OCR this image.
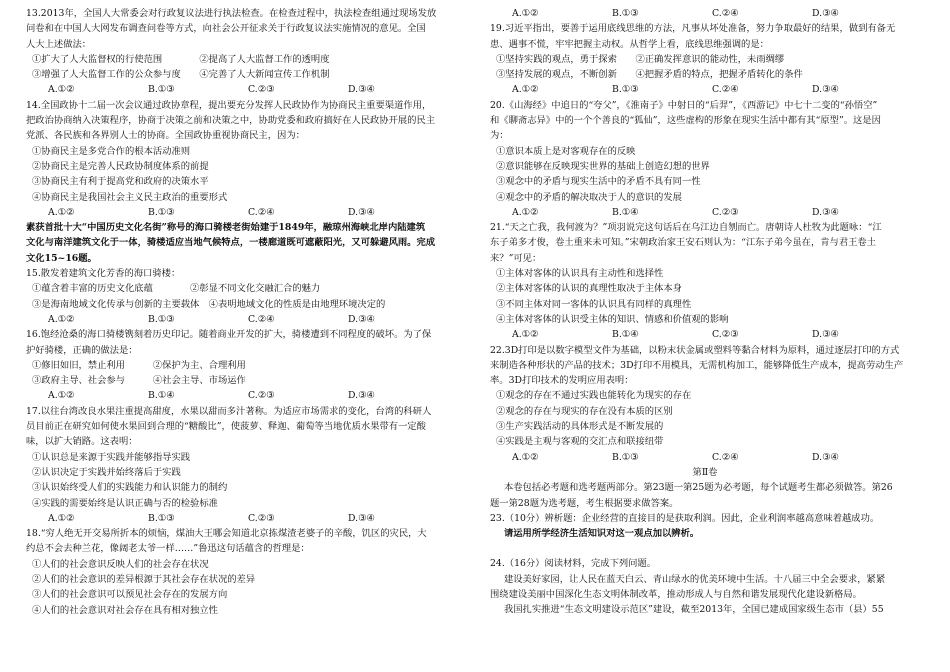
13.2013年，全国人大常委会对行政复议法进行执法检查。在检查过程中，执法检查组通过现场发放

问卷和在中国人大网发布调查问卷等方式，向社会公开征求关于行政复议法实施情况的意见。全国

人大上述做法：

①扩大了人大监督权的行使范围　　　　②提高了人大监督工作的透明度

③增强了人大监督工作的公众参与度　　④完善了人大新闻宣传工作机制

A.①②	B.①③	C.②③	D.③④

14.全国政协十二届一次会议通过政协章程，提出要充分发挥人民政协作为协商民主重要渠道作用，

把政治协商纳入决策程序，协商于决策之前和决策之中，协助党委和政府搞好在人民政协开展的民主

党派、各民族和各界别人士的协商。全国政协重视协商民主，因为：

①协商民主是多党合作的根本活动准则

②协商民主是完善人民政协制度体系的前提

③协商民主有利于提高党和政府的决策水平

④协商民主是我国社会主义民主政治的重要形式

A.①②	B.①③	C.②④	D.③④

素获首批十大“中国历史文化名街”称号的海口骑楼老街始建于1849年，融琼州海峡北岸内陆建筑

文化与南洋建筑文化于一体，骑楼适应当地气候特点，一楼廊道既可遮蔽阳光，又可躲避风雨。完成

文化15~16题。

15.散发着建筑文化芳香的海口骑楼：

①蕴含着丰富的历史文化底蕴　　　　②彰显不同文化交融汇合的魅力

③是海南地域文化传承与创新的主要载体　④表明地域文化的性质是由地理环境决定的

A.①②	B.①③	C.②④	D.③④

16.饱经沧桑的海口骑楼镌刻着历史印记。随着商业开发的扩大，骑楼遭到不同程度的破坏。为了保

护好骑楼，正确的做法是：

①修旧如旧，禁止利用　　　②保护为主、合理利用

③政府主导、社会参与　　　④社会主导、市场运作

A.①②	B.①④	C.②③	D.③④

17.以往台湾改良水果注重提高甜度，水果以甜而多汁著称。为适应市场需求的变化，台湾的科研人

员目前正在研究如何使水果回到合理的“糖酸比”，使菠萝、释迦、葡萄等当地优质水果带有一定酸

味，以扩大销路。这表明：

①认识总是来源于实践并能够指导实践

②认识决定于实践并始终落后于实践

③认识始终受人们的实践能力和认识能力的制约

④实践的需要始终是认识正确与否的检验标准

A.①②	B.①③	C.②③	D.③④

18.“穷人绝无开交易所折本的烦恼，煤油大王哪会知道北京拣煤渣老婆子的辛酸，饥区的灾民，大

约总不会去种兰花，像阔老太爷一样……”鲁迅这句话蕴含的哲理是：

①人们的社会意识反映人们的社会存在状况

②人们的社会意识的差异根源于其社会存在状况的差异

③人们的社会意识可以预见社会存在的发展方向

④人们的社会意识对社会存在具有相对独立性

A.①②	B.①③	C.②④	D.③④

19.习近平指出，要善于运用底线思维的方法，凡事从坏处准备，努力争取最好的结果，做到有备无

患、遇事不慌，牢牢把握主动权。从哲学上看，底线思维强调的是：

①坚持实践的观点，勇于探索　　②正确发挥意识的能动性，未雨绸缪

③坚持发展的观点，不断创新　　④把握矛盾的特点，把握矛盾转化的条件

A.①②	B.①③	C.②④	D.③④

20.《山海经》中追日的“夸父”，《淮南子》中射日的“后羿”，《西游记》中七十二变的“孙悟空”

和《聊斋志异》中的一个个善良的“狐仙”，这些虚构的形象在现实生活中都有其“原型”。这是因

为：

①意识本质上是对客观存在的反映

②意识能够在反映现实世界的基础上创造幻想的世界

③观念中的矛盾与现实生活中的矛盾不具有同一性

④观念中的矛盾的解决取决于人的意识的发展

A.①②	B.①④	C.②③	D.③④

21.“天之亡我，我何渡为？”项羽说完这句话后在乌江边自刎而亡。唐朝诗人杜牧为此题咏：“江

东子弟多才俊，卷土重来未可知。”宋朝政治家王安石则认为：“江东子弟今虽在，肯与君王卷土

来？”可见：

①主体对客体的认识具有主动性和选择性

②主体对客体的认识的真理性取决于主体本身

③不同主体对同一客体的认识具有同样的真理性

④主体对客体的认识受主体的知识、情感和价值观的影响

A.①②	B.①④	C.②③	D.③④

22.3D打印是以数字模型文件为基础，以粉末状金属或塑料等黏合材料为原料，通过逐层打印的方式

来制造各种形状的产品的技术；3D打印不用模具，无需机构加工，能够降低生产成本，提高劳动生产

率。3D打印技术的发明应用表明：

①观念的存在不通过实践也能转化为现实的存在

②观念的存在与现实的存在没有本质的区别

③生产实践活动的具体形式是不断发展的

④实践是主观与客观的交汇点和联接纽带

A.①②	B.①③	C.②④	D.③④

第Ⅱ卷

本卷包括必考题和选考题两部分。第23题一第25题为必考题，每个试题考生都必须做答。第26

题一第28题为选考题，考生根据要求做答案。

23.（10分）辨析题：企业经营的直接目的是获取利润。因此，企业利润率越高意味着越成功。

请运用所学经济生活知识对这一观点加以辨析。

24.（16分）阅读材料，完成下列问题。

建设美好家园，让人民在蓝天白云、青山绿水的优美环境中生活。十八届三中全会要求，紧紧

围绕建设美丽中国深化生态文明体制改革，推动形成人与自然和谐发展现代化建设新格局。

我国扎实推进“生态文明建设示范区”建设，截至2013年，全国已建成国家级生态市（县）55
